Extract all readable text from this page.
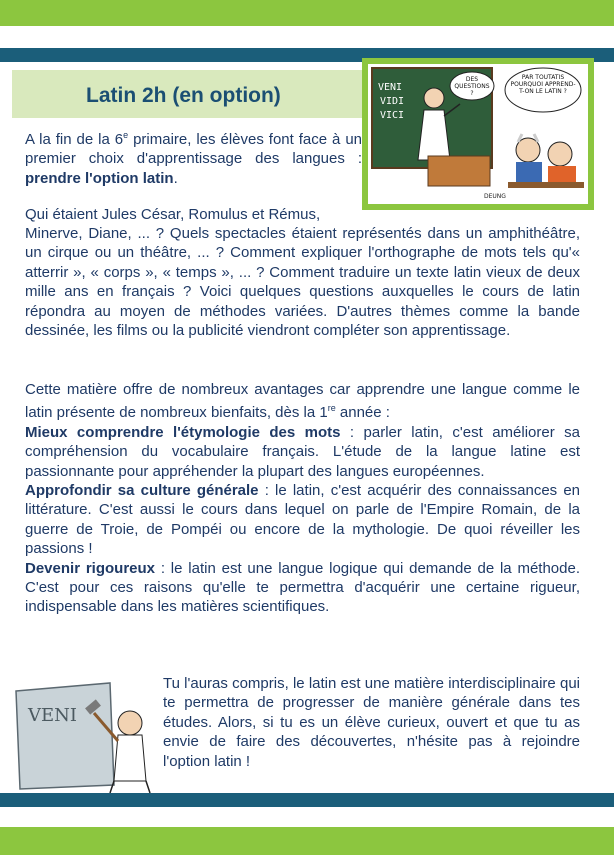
Latin 2h (en option)	VENI
VIDI
VICI
DES QUESTIONS ?
PAR TOUTATIS POURQUOI APPREND-T-ON LE LATIN ?
DEUNG
A la fin de la 6e primaire, les élèves font face à un premier choix d'apprentissage des langues : prendre l'option latin.
Qui étaient Jules César, Romulus et Rémus,
Minerve, Diane, ... ? Quels spectacles étaient représentés dans un amphithéâtre, un cirque ou un théâtre, ... ? Comment expliquer l'orthographe de mots tels qu'« atterrir », « corps », « temps », ... ? Comment traduire un texte latin vieux de deux mille ans en français ? Voici quelques questions auxquelles le cours de latin répondra au moyen de méthodes variées. D'autres thèmes comme la bande dessinée, les films ou la publicité viendront compléter son apprentissage.

Cette matière offre de nombreux avantages car apprendre une langue comme le latin présente de nombreux bienfaits, dès la 1re année :

Mieux comprendre l'étymologie des mots : parler latin, c'est améliorer sa compréhension du vocabulaire français. L'étude de la langue latine est passionnante pour appréhender la plupart des langues européennes.

Approfondir sa culture générale : le latin, c'est acquérir des connaissances en littérature. C'est aussi le cours dans lequel on parle de l'Empire Romain, de la guerre de Troie, de Pompéi ou encore de la mythologie. De quoi réveiller les passions !

Devenir rigoureux : le latin est une langue logique qui demande de la méthode. C'est pour ces raisons qu'elle te permettra d'acquérir une certaine rigueur, indispensable dans les matières scientifiques.

VENI
Tu l'auras compris, le latin est une matière interdisciplinaire qui te permettra de progresser de manière générale dans tes études. Alors, si tu es un élève curieux, ouvert et que tu as envie de faire des découvertes, n'hésite pas à rejoindre l'option latin !
